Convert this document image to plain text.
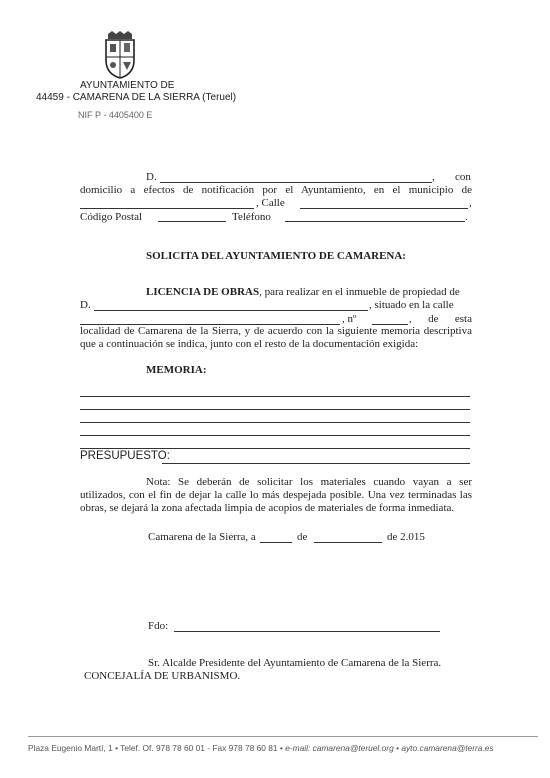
AYUNTAMIENTO DE
44459 - CAMARENA DE LA SIERRA (Teruel)
NIF P - 4405400 E
D.	, con
domicilio a efectos de notificación por el Ayuntamiento, en el municipio de
, Calle	,
Código Postal	Teléfono	.
SOLICITA DEL AYUNTAMIENTO DE CAMARENA:
LICENCIA DE OBRAS, para realizar en el inmueble de propiedad de
D.	, situado en la calle
, nº	, de esta
localidad de Camarena de la Sierra, y de acuerdo con la siguiente memoria descriptiva
que a continuación se indica, junto con el resto de la documentación exigida:
MEMORIA:
PRESUPUESTO:
Nota: Se deberán de solicitar los materiales cuando vayan a ser
utilizados, con el fin de dejar la calle lo más despejada posible. Una vez terminadas las
obras, se dejará la zona afectada limpia de acopios de materiales de forma inmediata.
Camarena de la Sierra, a	de	de 2.015
Fdo:
Sr. Alcalde Presidente del Ayuntamiento de Camarena de la Sierra.
CONCEJALÍA DE URBANISMO.
Plaza Eugenio Martí, 1 • Telef. Of. 978 78 60 01 - Fax 978 78 60 81 • e-mail: camarena@teruel.org • ayto.camarena@terra.es
